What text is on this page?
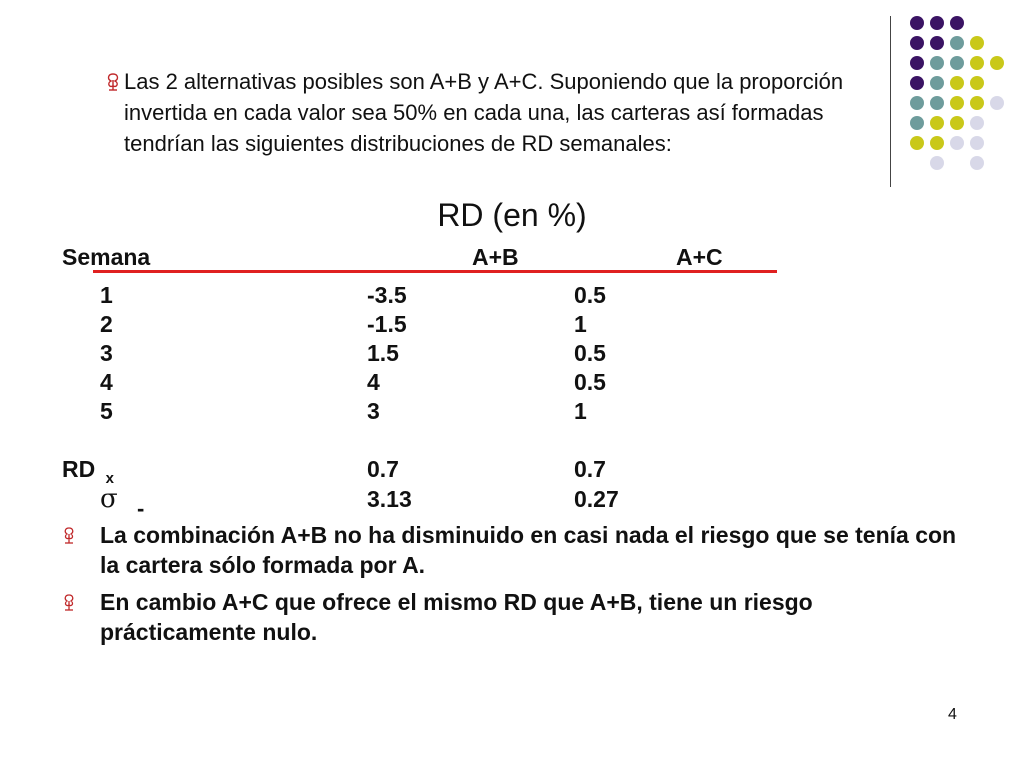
Las 2 alternativas posibles son A+B y A+C. Suponiendo que la proporción invertida en cada valor sea 50% en cada una, las carteras así formadas tendrían las siguientes distribuciones de RD semanales:
RD (en %)
Semana	A+B	A+C
1	-3.5	0.5
2	-1.5	1
3	1.5	0.5
4	4	0.5
5	3	1
RD $_x$	0.7	0.7
σ -	3.13	0.27
La combinación A+B no ha disminuido en casi nada el riesgo que se tenía con la cartera sólo formada por A.
En cambio A+C que ofrece el mismo RD que A+B, tiene un riesgo prácticamente nulo.
4
